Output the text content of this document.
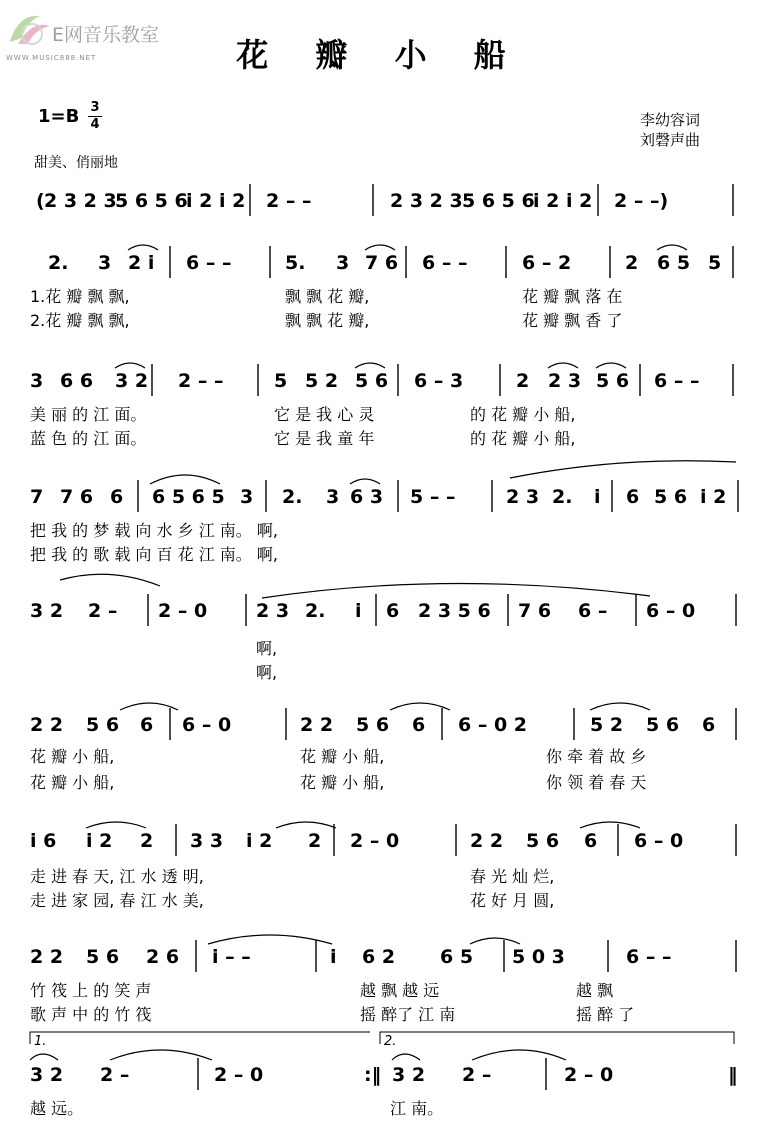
E网音乐教室
WWW.MUSIC888.NET	花 瓣 小 船
1=B 3
4	李幼容词
刘磬声曲
甜美、俏丽地
( 2 3 2 3
5 6 5 6
i 2 i 2 2 – –	2 3 2 3 5 6 5 6
i 2 i 2 2 – –)
2. 3 2 i 6 – –	5. 3 7 6 6 – –	6 – 2	2 6 5 5
1.花 瓣 飘 飘,	飘 飘 花 瓣,	花 瓣 飘 落 在
2.花 瓣 飘 飘,	飘 飘 花 瓣,	花 瓣 飘 香 了
3 6 6 3 2 2 – –	5 5 2 5 6 6 – 3	2 2 3 5 6 6 – –
美 丽 的 江 面。	它 是 我 心 灵	的 花 瓣 小 船,
蓝 色 的 江 面。	它 是 我 童 年	的 花 瓣 小 船,
7 7 6 6 6 5 6 5 3 2. 3 6 3 5 – –	2 3 2. i 6 5 6 i 2
把 我 的 梦 载 向 水 乡 江 南。 啊,
把 我 的 歌 载 向 百 花 江 南。 啊,
3 2 2 – 2 – 0	2 3 2. i 6 2 3 5 6 7 6 6 – 6 – 0
啊,
啊,
2 2 5 6 6 6 – 0	2 2 5 6 6 6 – 0 2	5 2 5 6 6
花 瓣 小 船,	花 瓣 小 船,	你 牵 着 故 乡
花 瓣 小 船,	花 瓣 小 船,	你 领 着 春 天
i 6 i 2 2 3 3 i 2 2 2 – 0	2 2 5 6 6 6 – 0
走 进 春 天, 江 水 透 明,	春 光 灿 烂,
走 进 家 园, 春 江 水 美,	花 好 月 圆,
2 2 5 6 2 6 i – –	i 6 2 6 5 5 0 3	6 – –
竹 筏 上 的 笑 声	越 飘 越 远	越 飘
歌 声 中 的 竹 筏	摇 醉了 江 南	摇 醉 了
1.	2.
3 2 2 –	2 – 0	:‖ 3 2 2 –	2 – 0	‖
越 远。	江 南。
